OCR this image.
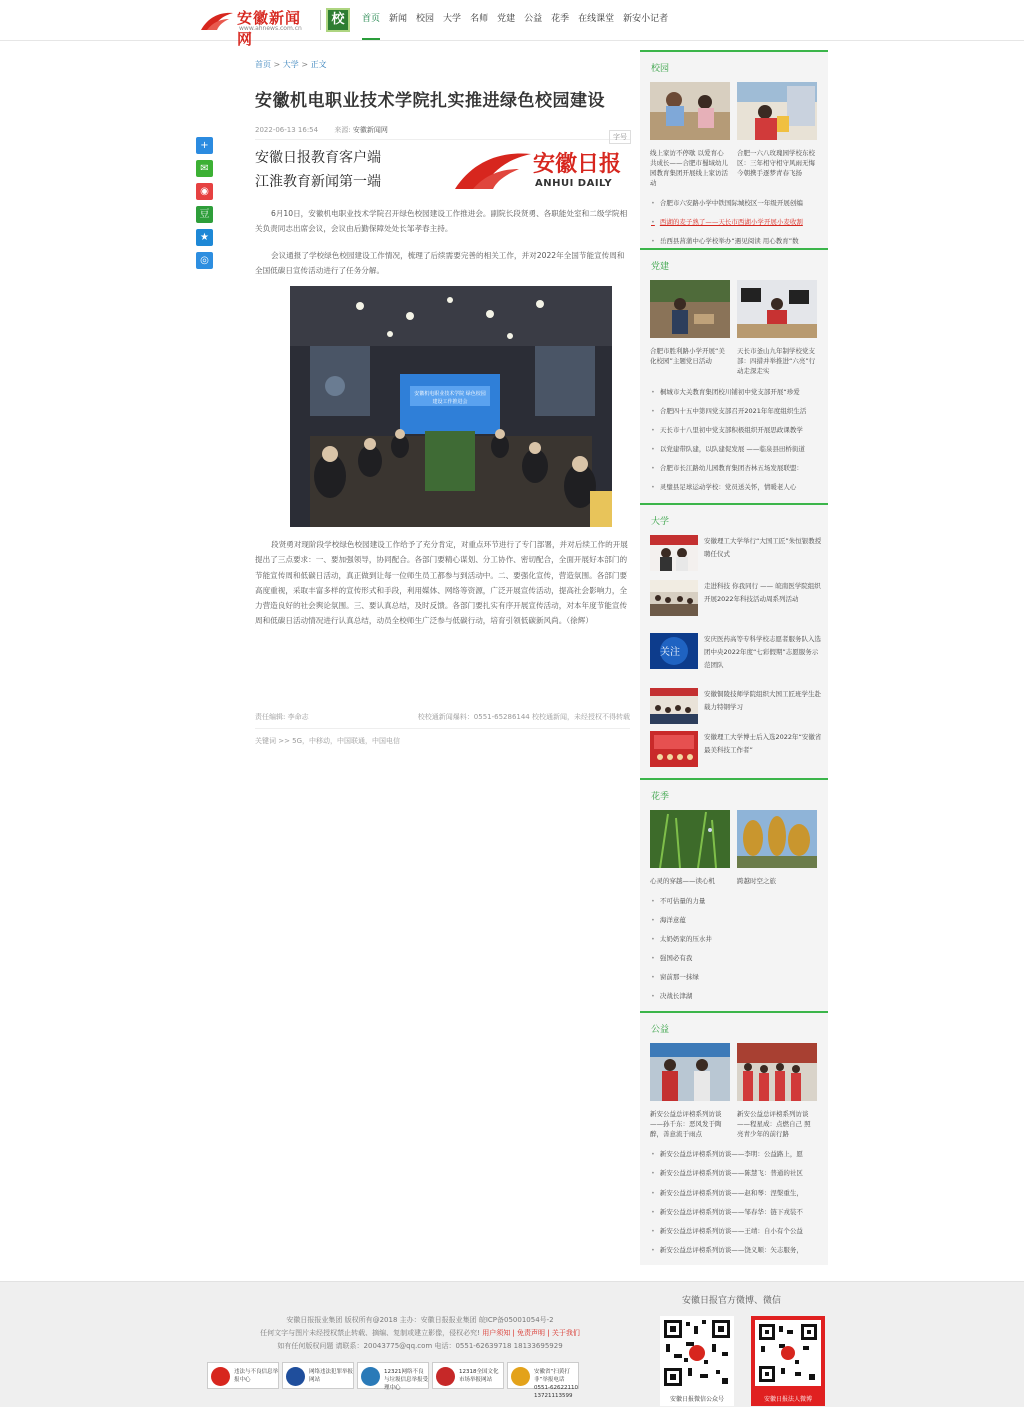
安徽新闻网
www.ahnews.com.cn
校	首页 新闻 校园 大学 名师 党建 公益 花季 在线课堂 新安小记者
首页 > 大学 > 正文
安徽机电职业技术学院扎实推进绿色校园建设
2022-06-13 16:54 来源: 安徽新闻网
字号
+
✉
◉
豆
★
◎
安徽日报教育客户端
江淮教育新闻第一端
安徽日报
ANHUI DAILY

6月10日，安徽机电职业技术学院召开绿色校园建设工作推进会。副院长段贤勇、各职能处室和二级学院相关负责同志出席会议，会议由后勤保障处处长邹孝春主持。

会议通报了学校绿色校园建设工作情况，梳理了后续需要完善的相关工作，并对2022年全国节能宣传周和全国低碳日宣传活动进行了任务分解。

安徽机电职业技术学院 绿色校园建设工作推进会

段贤勇对现阶段学校绿色校园建设工作给予了充分肯定，对重点环节进行了专门部署，并对后续工作的开展提出了三点要求：一、要加强领导，协同配合。各部门要精心谋划、分工协作、密切配合，全面开展好本部门的节能宣传周和低碳日活动，真正做到让每一位师生员工都参与到活动中。二、要强化宣传，营造氛围。各部门要高度重视，采取丰富多样的宣传形式和手段，利用媒体、网络等资源，广泛开展宣传活动，提高社会影响力，全力营造良好的社会舆论氛围。三、要认真总结，及时反馈。各部门要扎实有序开展宣传活动，对本年度节能宣传周和低碳日活动情况进行认真总结，动员全校师生广泛参与低碳行动，培育引领低碳新风尚。（徐辉）

责任编辑: 李命志	校校通新闻爆料：0551-65286144 校校通新闻，未经授权不得转载
关键词 >> 5G，中移动，中国联通，中国电信
校园
线上家访不停歇 以爱育心共成长——合肥市蜀域幼儿园教育集团开展线上家访活动
合肥一六八玫瑰园学校东校区：三年相守相守风雨无悔 今朝携手逐梦青春飞扬
• 合肥市六安路小学中铁国际城校区一年级开展创编
• 西湖的麦子熟了——天长市西湖小学开展小麦收割
• 岳西县菖蒲中心学校举办“遇见阅读 用心教育”数
党建
合肥市胜利路小学开展“美化校园”主题党日活动
天长市釜山九年制学校党支部：四措并举推进“六亮”行动走深走实
• 桐城市大关教育集团校川铺初中党支部开展“珍爱
• 合肥四十五中第四党支部召开2021年年度组织生活
• 天长市十八里初中党支部积极组织开展思政课教学
• 以党建带队建，以队建促发展 ——临泉县田桥街道
• 合肥市长江路幼儿园教育集团杏林五场发展联盟：
• 灵璧县足球运动学校：党员送关怀，情暖老人心
大学
安徽理工大学举行“大国工匠”朱恒银教授聘任仪式
走进科技 你我同行 —— 皖南医学院组织开展2022年科技活动周系列活动
关注
安庆医药高等专科学校志愿者服务队入选团中央2022年度“七彩假期”志愿服务示范团队
安徽铜陵技师学院组织大国工匠班学生赴载力特钢学习
安徽理工大学博士后入选2022年“安徽省最美科技工作者”
花季
心灵的穿越——读心机	跨越时空之旅
• 不可估量的力量
• 海洋意蕴
• 太奶奶家的压水井
• 强国必有我
• 窗前那一抹绿
• 决战长津湖
公益
新安公益总评榜系列访谈 ——孙千东：恶风发于陶醉，善意流于雨点
新安公益总评榜系列访谈——程星成：点燃自己 照亮青少年的前行路
• 新安公益总评榜系列访谈——李明：公益路上，愿
• 新安公益总评榜系列访谈——陈慧飞：普通的社区
• 新安公益总评榜系列访谈——赵和琴：涅槃重生，
• 新安公益总评榜系列访谈——邹春华：链下戎装不
• 新安公益总评榜系列访谈——王靖：自小有个公益
• 新安公益总评榜系列访谈——饶义顺：矢志服务，
安徽日报报业集团 版权所有@2018 主办：安徽日报报业集团 皖ICP备05001054号-2
任何文字与图片未经授权禁止转载、摘编、复制或建立影像，侵权必究! 用户须知 | 免责声明 | 关于我们
如有任何版权问题 请联系：20043775@qq.com 电话：0551-62639718 18133695929
违法与不良信息举报中心
网络违法犯罪举报网站
12321网络不良与垃圾信息举报受理中心
12318全国文化市场举报网站
安徽省“扫黄打非”举报电话 0551-62622110 13721113599
安徽日报官方微博、微信
安徽日报微信公众号	安徽日报法人微博
